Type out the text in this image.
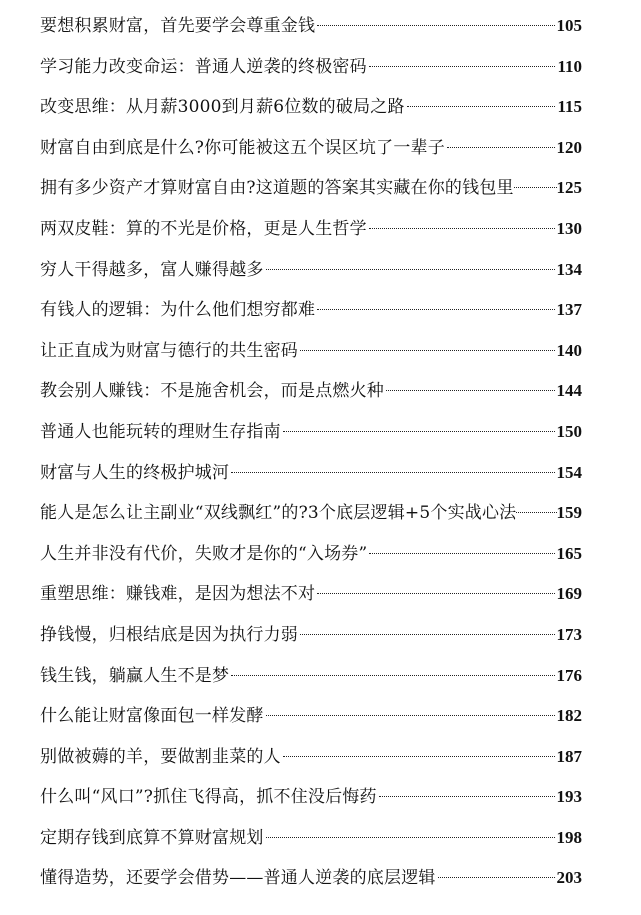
要想积累财富，首先要学会尊重金钱	105
学习能力改变命运：普通人逆袭的终极密码	110
改变思维：从月薪3000到月薪6位数的破局之路	115
财富自由到底是什么?你可能被这五个误区坑了一辈子	120
拥有多少资产才算财富自由?这道题的答案其实藏在你的钱包里	125
两双皮鞋：算的不光是价格，更是人生哲学	130
穷人干得越多，富人赚得越多	134
有钱人的逻辑：为什么他们想穷都难	137
让正直成为财富与德行的共生密码	140
教会别人赚钱：不是施舍机会，而是点燃火种	144
普通人也能玩转的理财生存指南	150
财富与人生的终极护城河	154
能人是怎么让主副业“双线飘红”的?3个底层逻辑+5个实战心法 159
人生并非没有代价，失败才是你的“入场券”	165
重塑思维：赚钱难，是因为想法不对	169
挣钱慢，归根结底是因为执行力弱	173
钱生钱，躺赢人生不是梦	176
什么能让财富像面包一样发酵	182
别做被薅的羊，要做割韭菜的人	187
什么叫“风口”?抓住飞得高，抓不住没后悔药	193
定期存钱到底算不算财富规划	198
懂得造势，还要学会借势——普通人逆袭的底层逻辑	203
